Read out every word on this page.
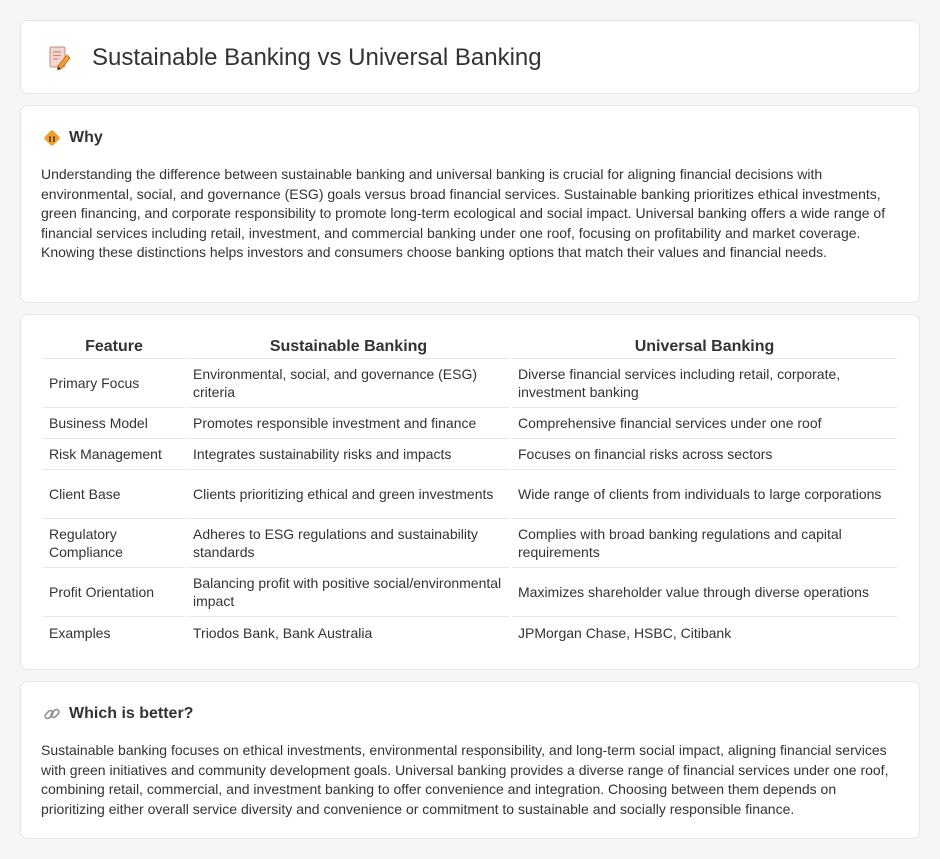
Sustainable Banking vs Universal Banking
Why

Understanding the difference between sustainable banking and universal banking is crucial for aligning financial decisions with environmental, social, and governance (ESG) goals versus broad financial services. Sustainable banking prioritizes ethical investments, green financing, and corporate responsibility to promote long-term ecological and social impact. Universal banking offers a wide range of financial services including retail, investment, and commercial banking under one roof, focusing on profitability and market coverage. Knowing these distinctions helps investors and consumers choose banking options that match their values and financial needs.

Feature	Sustainable Banking	Universal Banking
Primary Focus	Environmental, social, and governance (ESG) criteria	Diverse financial services including retail, corporate, investment banking
Business Model	Promotes responsible investment and finance	Comprehensive financial services under one roof
Risk Management	Integrates sustainability risks and impacts	Focuses on financial risks across sectors
Client Base	Clients prioritizing ethical and green investments	Wide range of clients from individuals to large corporations
Regulatory Compliance	Adheres to ESG regulations and sustainability standards	Complies with broad banking regulations and capital requirements
Profit Orientation	Balancing profit with positive social/environmental impact	Maximizes shareholder value through diverse operations
Examples	Triodos Bank, Bank Australia	JPMorgan Chase, HSBC, Citibank
Which is better?

Sustainable banking focuses on ethical investments, environmental responsibility, and long-term social impact, aligning financial services with green initiatives and community development goals. Universal banking provides a diverse range of financial services under one roof, combining retail, commercial, and investment banking to offer convenience and integration. Choosing between them depends on prioritizing either overall service diversity and convenience or commitment to sustainable and socially responsible finance.
